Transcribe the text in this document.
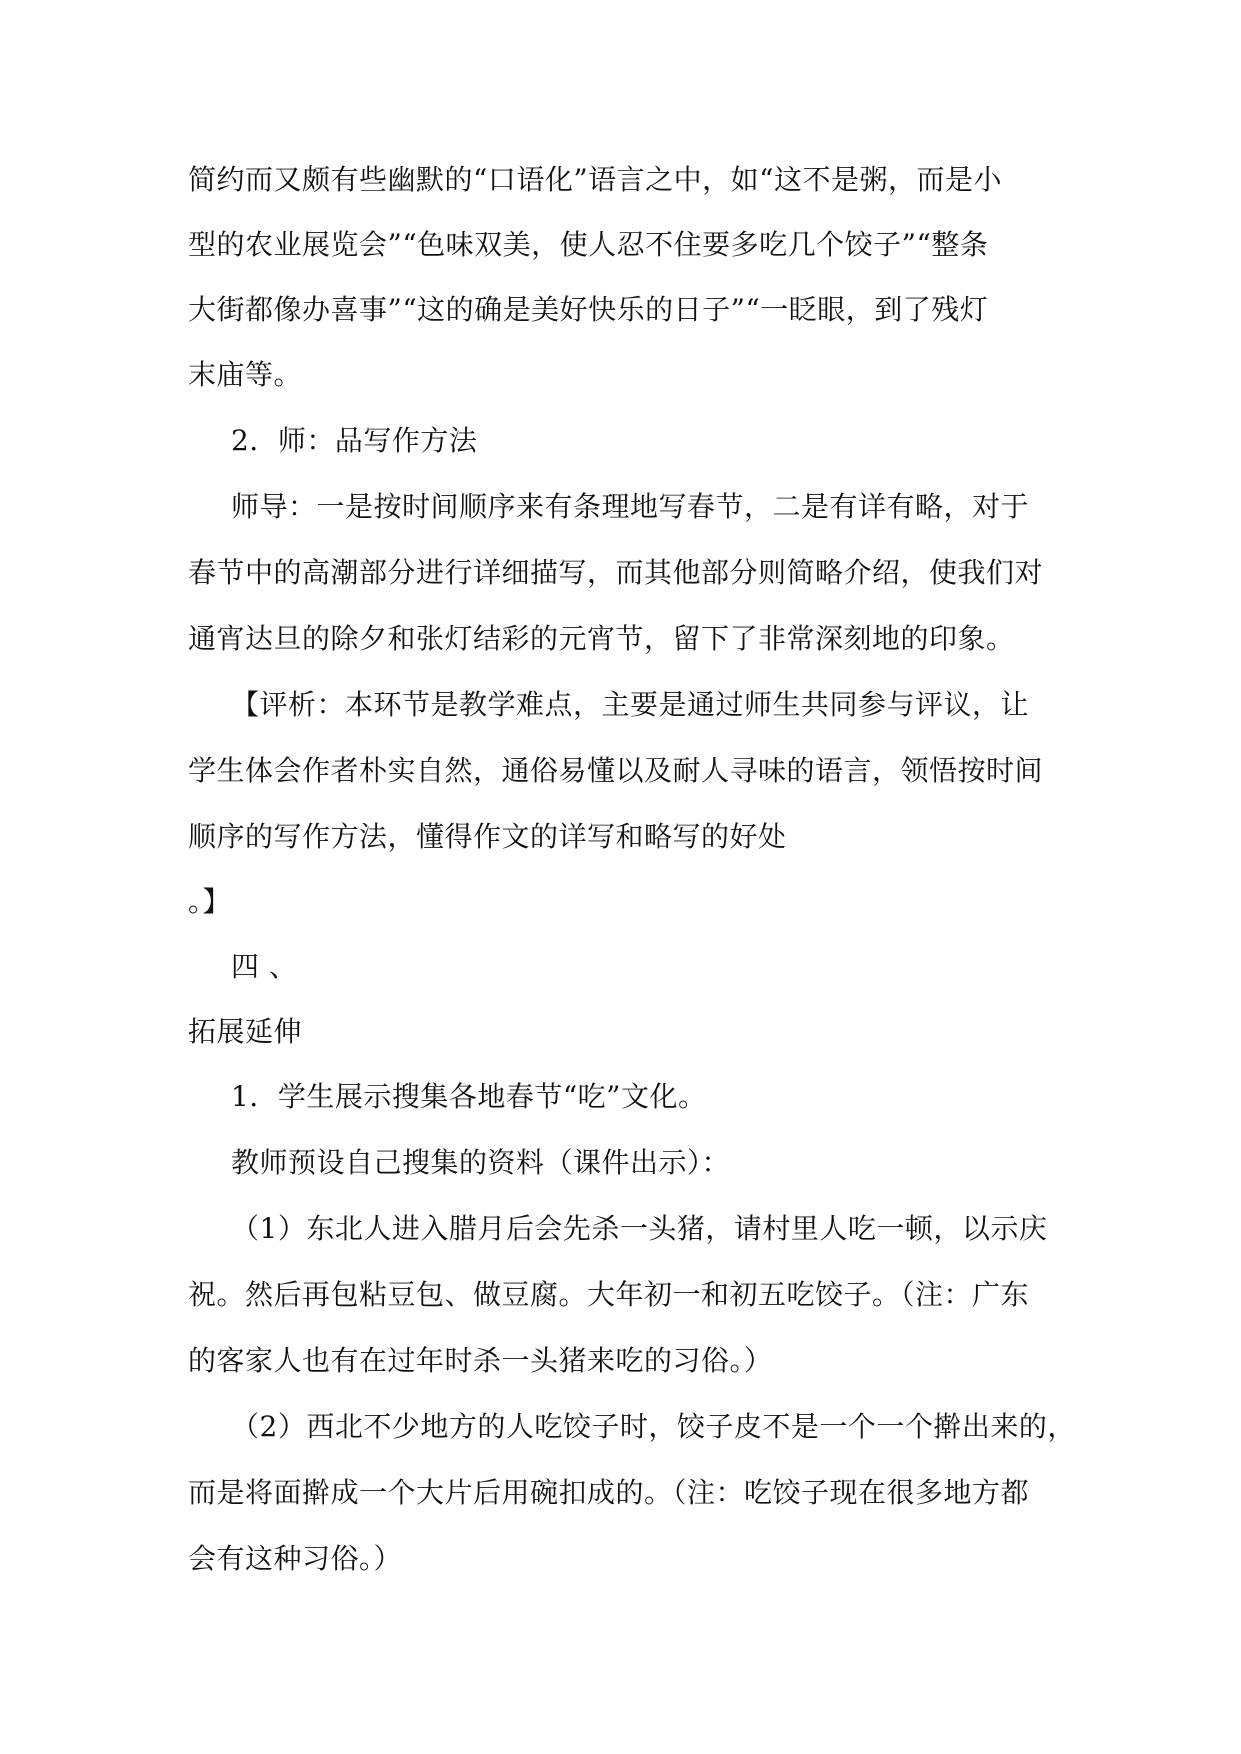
简约而又颇有些幽默的“口语化”语言之中，如“这不是粥，而是小
型的农业展览会”“色味双美，使人忍不住要多吃几个饺子”“整条
大街都像办喜事”“这的确是美好快乐的日子”“一眨眼，到了残灯
末庙等。
2．师：品写作方法
师导：一是按时间顺序来有条理地写春节，二是有详有略，对于
春节中的高潮部分进行详细描写，而其他部分则简略介绍，使我们对
通宵达旦的除夕和张灯结彩的元宵节，留下了非常深刻地的印象。
【评析：本环节是教学难点，主要是通过师生共同参与评议，让
学生体会作者朴实自然，通俗易懂以及耐人寻味的语言，领悟按时间
顺序的写作方法，懂得作文的详写和略写的好处
。】
四 、
拓展延伸
1．学生展示搜集各地春节“吃”文化。
教师预设自己搜集的资料（课件出示）：
（1）东北人进入腊月后会先杀一头猪，请村里人吃一顿，以示庆
祝。然后再包粘豆包、做豆腐。大年初一和初五吃饺子。（注：广东
的客家人也有在过年时杀一头猪来吃的习俗。）
（2）西北不少地方的人吃饺子时，饺子皮不是一个一个擀出来的，
而是将面擀成一个大片后用碗扣成的。（注：吃饺子现在很多地方都
会有这种习俗。）
